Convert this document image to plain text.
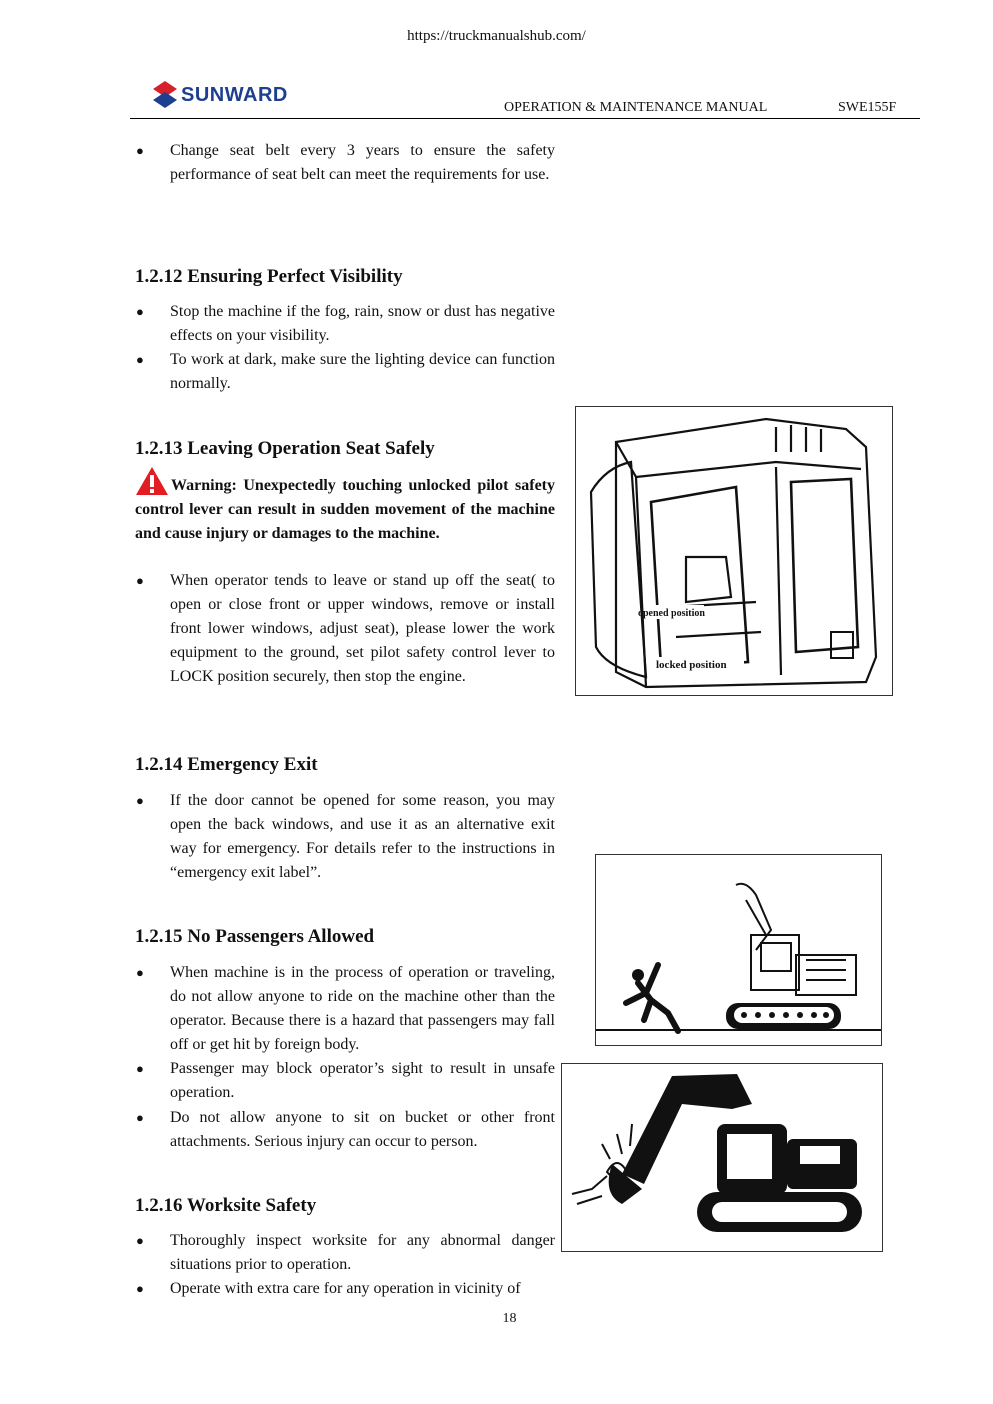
https://truckmanualshub.com/
SUNWARD
OPERATION & MAINTENANCE MANUAL	SWE155F
● Change seat belt every 3 years to ensure the safety performance of seat belt can meet the requirements for use.
1.2.12 Ensuring Perfect Visibility
● Stop the machine if the fog, rain, snow or dust has negative effects on your visibility.
● To work at dark, make sure the lighting device can function normally.
1.2.13 Leaving Operation Seat Safely
Warning: Unexpectedly touching unlocked pilot safety control lever can result in sudden movement of the machine and cause injury or damages to the machine.
● When operator tends to leave or stand up off the seat( to open or close front or upper windows, remove or install front lower windows, adjust seat), please lower the work equipment to the ground, set pilot safety control lever to LOCK position securely, then stop the engine.
1.2.14 Emergency Exit
● If the door cannot be opened for some reason, you may open the back windows, and use it as an alternative exit way for emergency. For details refer to the instructions in “emergency exit label”.
1.2.15 No Passengers Allowed
● When machine is in the process of operation or traveling, do not allow anyone to ride on the machine other than the operator. Because there is a hazard that passengers may fall off or get hit by foreign body.
● Passenger may block operator’s sight to result in unsafe operation.
● Do not allow anyone to sit on bucket or other front attachments. Serious injury can occur to person.
1.2.16 Worksite Safety
● Thoroughly inspect worksite for any abnormal danger situations prior to operation.
● Operate with extra care for any operation in vicinity of
opened position
locked position
18
